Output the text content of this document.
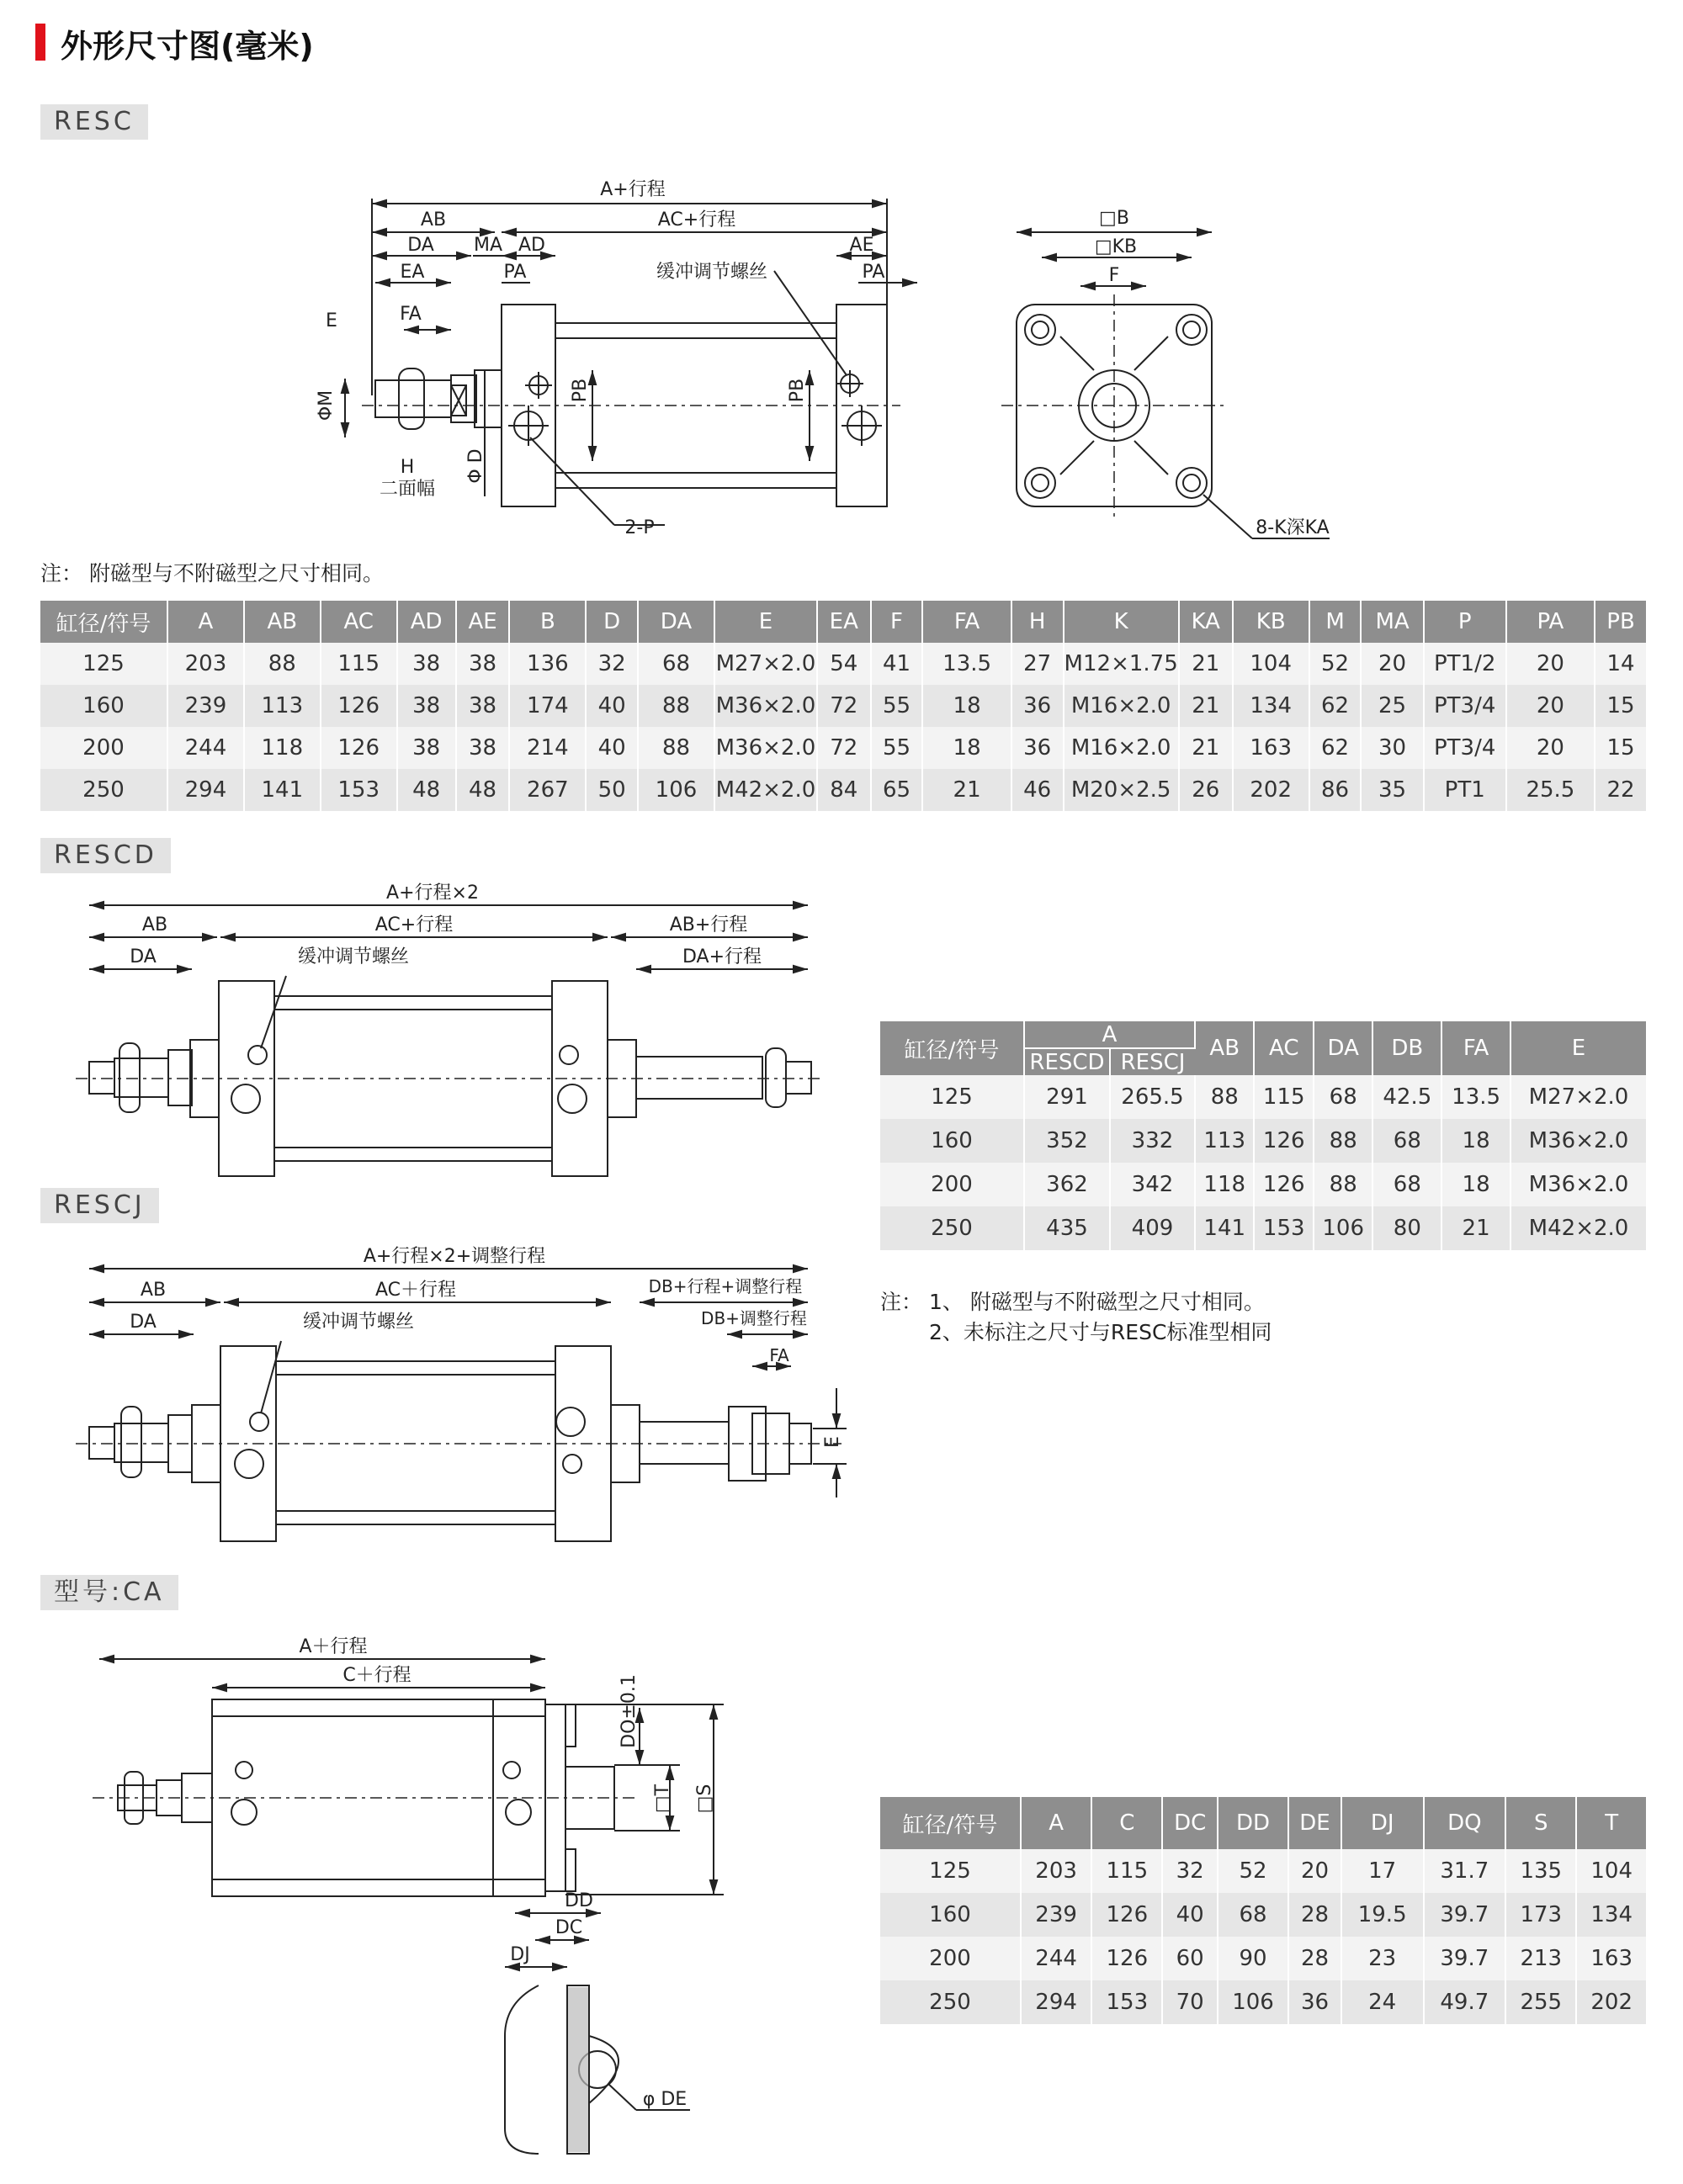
外形尺寸图(毫米)
RESC
A+行程
AB	AC+行程
DA MA AD	AE
EA	PA	PA
缓冲调节螺丝
FA
E
ΦM	PB	PB
Φ D
H
二面幅
2-P
□B
□KB
F
8-K深KA
A+行程×2
AB	AC+行程	AB+行程
DA	DA+行程
缓冲调节螺丝
A+行程×2+调整行程
AB	AC＋行程	DB+行程+调整行程
DA	缓冲调节螺丝	DB+调整行程
FA
E
A＋行程
C＋行程	DO±0.1
□T □S
DD
DC
DJ
φ DE
注： 附磁型与不附磁型之尺寸相同。
缸径/符号	A	AB	AC	AD	AE	B	D	DA	E	EA	F	FA	H	K	KA	KB	M	MA	P	PA	PB
125	203	88	115	38	38	136	32	68	M27×2.0	54	41	13.5	27	M12×1.75	21	104	52	20	PT1/2	20	14
160	239	113	126	38	38	174	40	88	M36×2.0	72	55	18	36	M16×2.0	21	134	62	25	PT3/4	20	15
200	244	118	126	38	38	214	40	88	M36×2.0	72	55	18	36	M16×2.0	21	163	62	30	PT3/4	20	15
250	294	141	153	48	48	267	50	106	M42×2.0	84	65	21	46	M20×2.5	26	202	86	35	PT1	25.5	22
RESCD
RESCJ
缸径/符号	A		AB	AC	DA	DB	FA	E
	RESCD	RESCJ						
125	291	265.5	88	115	68	42.5	13.5	M27×2.0
160	352	332	113	126	88	68	18	M36×2.0
200	362	342	118	126	88	68	18	M36×2.0
250	435	409	141	153	106	80	21	M42×2.0
注： 1、 附磁型与不附磁型之尺寸相同。
2、未标注之尺寸与RESC标准型相同
型号:CA
缸径/符号	A	C	DC	DD	DE	DJ	DQ	S	T
125	203	115	32	52	20	17	31.7	135	104
160	239	126	40	68	28	19.5	39.7	173	134
200	244	126	60	90	28	23	39.7	213	163
250	294	153	70	106	36	24	49.7	255	202
